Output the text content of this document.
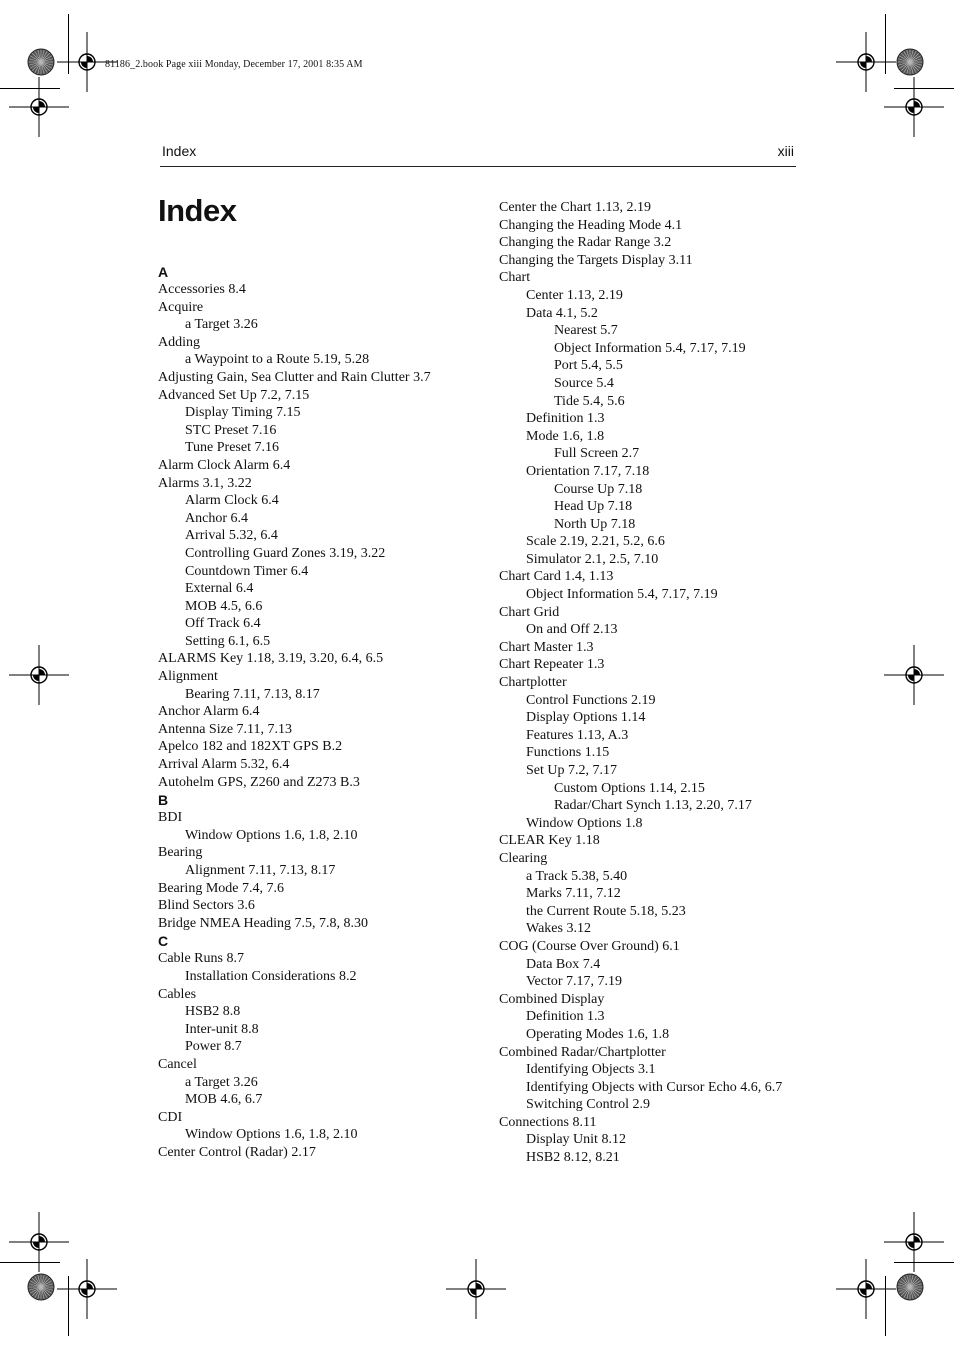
81186_2.book Page xiii Monday, December 17, 2001 8:35 AM
Index	xiii
Index
A
Accessories 8.4
Acquire
a Target 3.26
Adding
a Waypoint to a Route 5.19, 5.28
Adjusting Gain, Sea Clutter and Rain Clutter 3.7
Advanced Set Up 7.2, 7.15
Display Timing 7.15
STC Preset 7.16
Tune Preset 7.16
Alarm Clock Alarm 6.4
Alarms 3.1, 3.22
Alarm Clock 6.4
Anchor 6.4
Arrival 5.32, 6.4
Controlling Guard Zones 3.19, 3.22
Countdown Timer 6.4
External 6.4
MOB 4.5, 6.6
Off Track 6.4
Setting 6.1, 6.5
ALARMS Key 1.18, 3.19, 3.20, 6.4, 6.5
Alignment
Bearing 7.11, 7.13, 8.17
Anchor Alarm 6.4
Antenna Size 7.11, 7.13
Apelco 182 and 182XT GPS B.2
Arrival Alarm 5.32, 6.4
Autohelm GPS, Z260 and Z273 B.3
B
BDI
Window Options 1.6, 1.8, 2.10
Bearing
Alignment 7.11, 7.13, 8.17
Bearing Mode 7.4, 7.6
Blind Sectors 3.6
Bridge NMEA Heading 7.5, 7.8, 8.30
C
Cable Runs 8.7
Installation Considerations 8.2
Cables
HSB2 8.8
Inter-unit 8.8
Power 8.7
Cancel
a Target 3.26
MOB 4.6, 6.7
CDI
Window Options 1.6, 1.8, 2.10
Center Control (Radar) 2.17
Center the Chart 1.13, 2.19
Changing the Heading Mode 4.1
Changing the Radar Range 3.2
Changing the Targets Display 3.11
Chart
Center 1.13, 2.19
Data 4.1, 5.2
Nearest 5.7
Object Information 5.4, 7.17, 7.19
Port 5.4, 5.5
Source 5.4
Tide 5.4, 5.6
Definition 1.3
Mode 1.6, 1.8
Full Screen 2.7
Orientation 7.17, 7.18
Course Up 7.18
Head Up 7.18
North Up 7.18
Scale 2.19, 2.21, 5.2, 6.6
Simulator 2.1, 2.5, 7.10
Chart Card 1.4, 1.13
Object Information 5.4, 7.17, 7.19
Chart Grid
On and Off 2.13
Chart Master 1.3
Chart Repeater 1.3
Chartplotter
Control Functions 2.19
Display Options 1.14
Features 1.13, A.3
Functions 1.15
Set Up 7.2, 7.17
Custom Options 1.14, 2.15
Radar/Chart Synch 1.13, 2.20, 7.17
Window Options 1.8
CLEAR Key 1.18
Clearing
a Track 5.38, 5.40
Marks 7.11, 7.12
the Current Route 5.18, 5.23
Wakes 3.12
COG (Course Over Ground) 6.1
Data Box 7.4
Vector 7.17, 7.19
Combined Display
Definition 1.3
Operating Modes 1.6, 1.8
Combined Radar/Chartplotter
Identifying Objects 3.1
Identifying Objects with Cursor Echo 4.6, 6.7
Switching Control 2.9
Connections 8.11
Display Unit 8.12
HSB2 8.12, 8.21
